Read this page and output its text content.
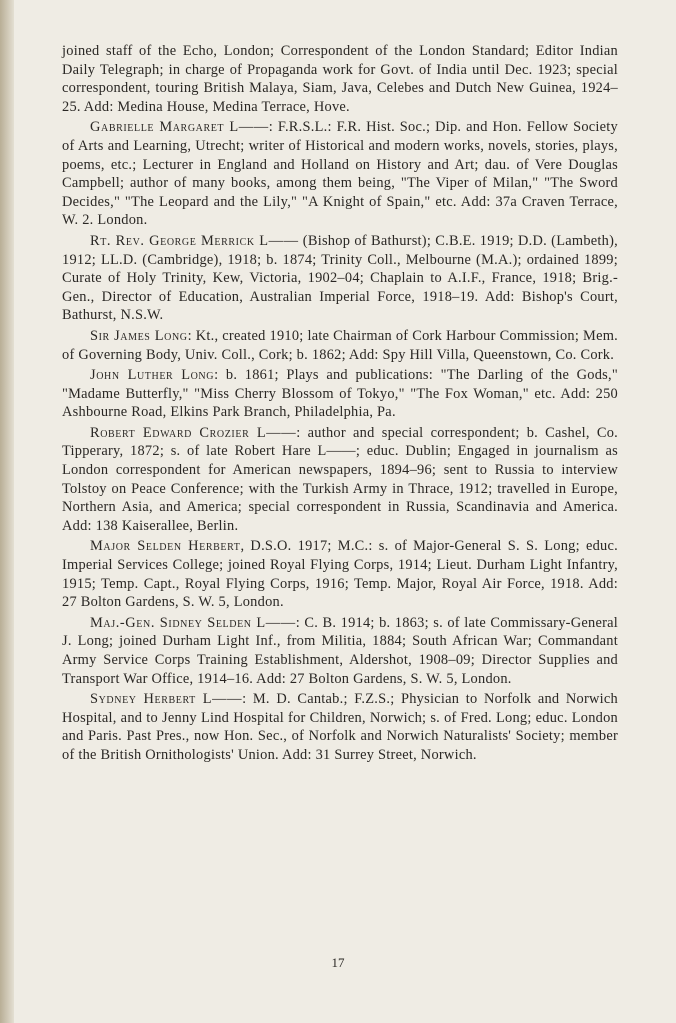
joined staff of the Echo, London; Correspondent of the London Standard; Editor Indian Daily Telegraph; in charge of Propaganda work for Govt. of India until Dec. 1923; special correspondent, touring British Malaya, Siam, Java, Celebes and Dutch New Guinea, 1924–25. Add: Medina House, Medina Terrace, Hove.

Gabrielle Margaret L——: F.R.S.L.: F.R. Hist. Soc.; Dip. and Hon. Fellow Society of Arts and Learning, Utrecht; writer of Historical and modern works, novels, stories, plays, poems, etc.; Lecturer in England and Holland on History and Art; dau. of Vere Douglas Campbell; author of many books, among them being, "The Viper of Milan," "The Sword Decides," "The Leopard and the Lily," "A Knight of Spain," etc. Add: 37a Craven Terrace, W. 2. London.

Rt. Rev. George Merrick L—— (Bishop of Bathurst); C.B.E. 1919; D.D. (Lambeth), 1912; LL.D. (Cambridge), 1918; b. 1874; Trinity Coll., Melbourne (M.A.); ordained 1899; Curate of Holy Trinity, Kew, Victoria, 1902–04; Chaplain to A.I.F., France, 1918; Brig.-Gen., Director of Education, Australian Imperial Force, 1918–19. Add: Bishop's Court, Bathurst, N.S.W.

Sir James Long: Kt., created 1910; late Chairman of Cork Harbour Commission; Mem. of Governing Body, Univ. Coll., Cork; b. 1862; Add: Spy Hill Villa, Queenstown, Co. Cork.

John Luther Long: b. 1861; Plays and publications: "The Darling of the Gods," "Madame Butterfly," "Miss Cherry Blossom of Tokyo," "The Fox Woman," etc. Add: 250 Ashbourne Road, Elkins Park Branch, Philadelphia, Pa.

Robert Edward Crozier L——: author and special correspondent; b. Cashel, Co. Tipperary, 1872; s. of late Robert Hare L——; educ. Dublin; Engaged in journalism as London correspondent for American newspapers, 1894–96; sent to Russia to interview Tolstoy on Peace Conference; with the Turkish Army in Thrace, 1912; travelled in Europe, Northern Asia, and America; special correspondent in Russia, Scandinavia and America. Add: 138 Kaiserallee, Berlin.

Major Selden Herbert, D.S.O. 1917; M.C.: s. of Major-General S. S. Long; educ. Imperial Services College; joined Royal Flying Corps, 1914; Lieut. Durham Light Infantry, 1915; Temp. Capt., Royal Flying Corps, 1916; Temp. Major, Royal Air Force, 1918. Add: 27 Bolton Gardens, S. W. 5, London.

Maj.-Gen. Sidney Selden L——: C. B. 1914; b. 1863; s. of late Commissary-General J. Long; joined Durham Light Inf., from Militia, 1884; South African War; Commandant Army Service Corps Training Establishment, Aldershot, 1908–09; Director Supplies and Transport War Office, 1914–16. Add: 27 Bolton Gardens, S. W. 5, London.

Sydney Herbert L——: M. D. Cantab.; F.Z.S.; Physician to Norfolk and Norwich Hospital, and to Jenny Lind Hospital for Children, Norwich; s. of Fred. Long; educ. London and Paris. Past Pres., now Hon. Sec., of Norfolk and Norwich Naturalists' Society; member of the British Ornithologists' Union. Add: 31 Surrey Street, Norwich.

17
